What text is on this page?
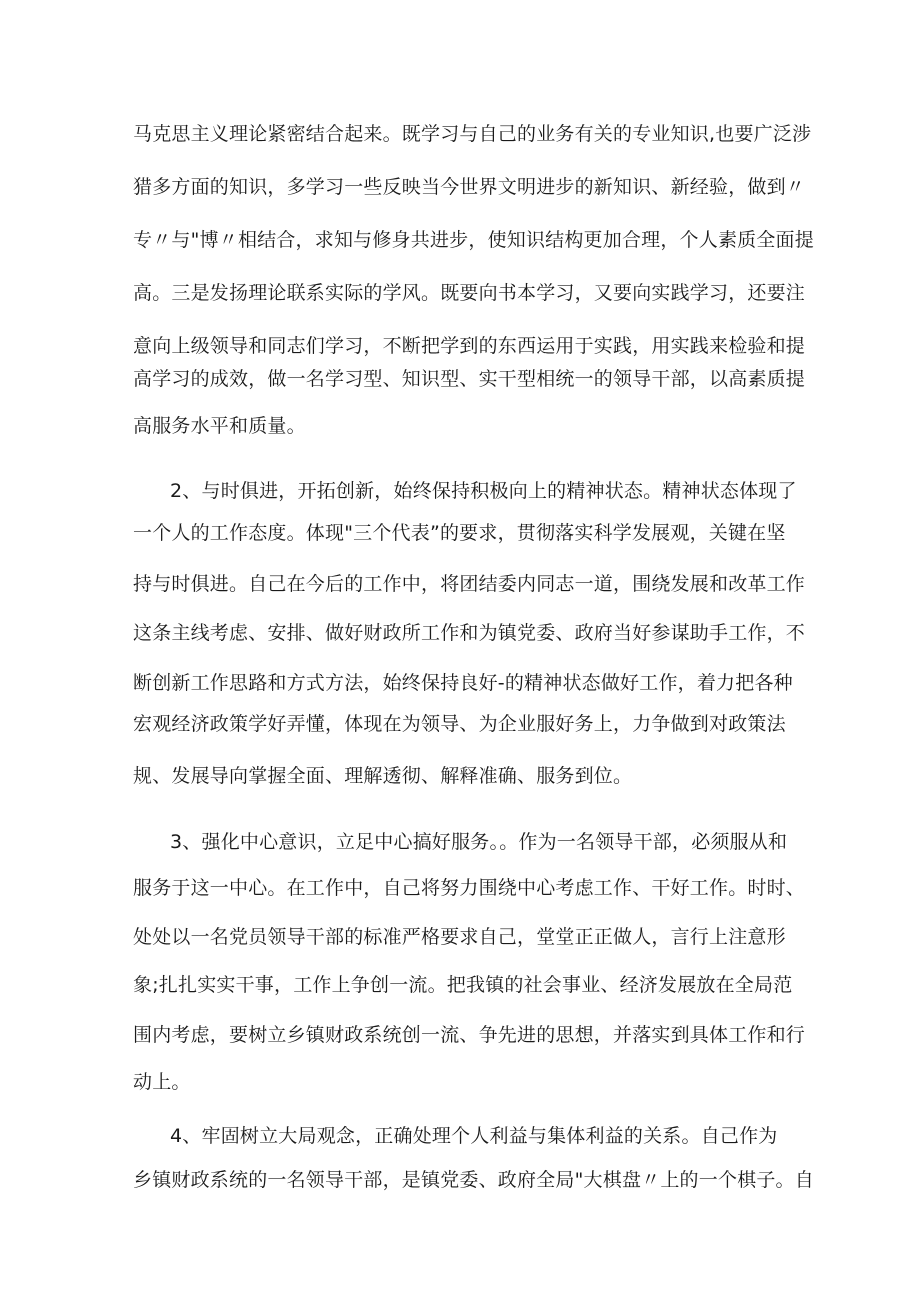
马克思主义理论紧密结合起来。既学习与自己的业务有关的专业知识,也要广泛涉
猎多方面的知识，多学习一些反映当今世界文明进步的新知识、新经验，做到〃
专〃与"博〃相结合，求知与修身共进步，使知识结构更加合理，个人素质全面提
高。三是发扬理论联系实际的学风。既要向书本学习，又要向实践学习，还要注
意向上级领导和同志们学习，不断把学到的东西运用于实践，用实践来检验和提
高学习的成效，做一名学习型、知识型、实干型相统一的领导干部，以高素质提
高服务水平和质量。
2、与时俱进，开拓创新，始终保持积极向上的精神状态。精神状态体现了
一个人的工作态度。体现"三个代表”的要求，贯彻落实科学发展观，关键在坚
持与时俱进。自己在今后的工作中，将团结委内同志一道，围绕发展和改革工作
这条主线考虑、安排、做好财政所工作和为镇党委、政府当好参谋助手工作，不
断创新工作思路和方式方法，始终保持良好-的精神状态做好工作，着力把各种
宏观经济政策学好弄懂，体现在为领导、为企业服好务上，力争做到对政策法
规、发展导向掌握全面、理解透彻、解释准确、服务到位。
3、强化中心意识，立足中心搞好服务。。作为一名领导干部，必须服从和
服务于这一中心。在工作中，自己将努力围绕中心考虑工作、干好工作。时时、
处处以一名党员领导干部的标准严格要求自己，堂堂正正做人，言行上注意形
象;扎扎实实干事，工作上争创一流。把我镇的社会事业、经济发展放在全局范
围内考虑，要树立乡镇财政系统创一流、争先进的思想，并落实到具体工作和行
动上。
4、牢固树立大局观念，正确处理个人利益与集体利益的关系。自己作为
乡镇财政系统的一名领导干部，是镇党委、政府全局"大棋盘〃上的一个棋子。自
